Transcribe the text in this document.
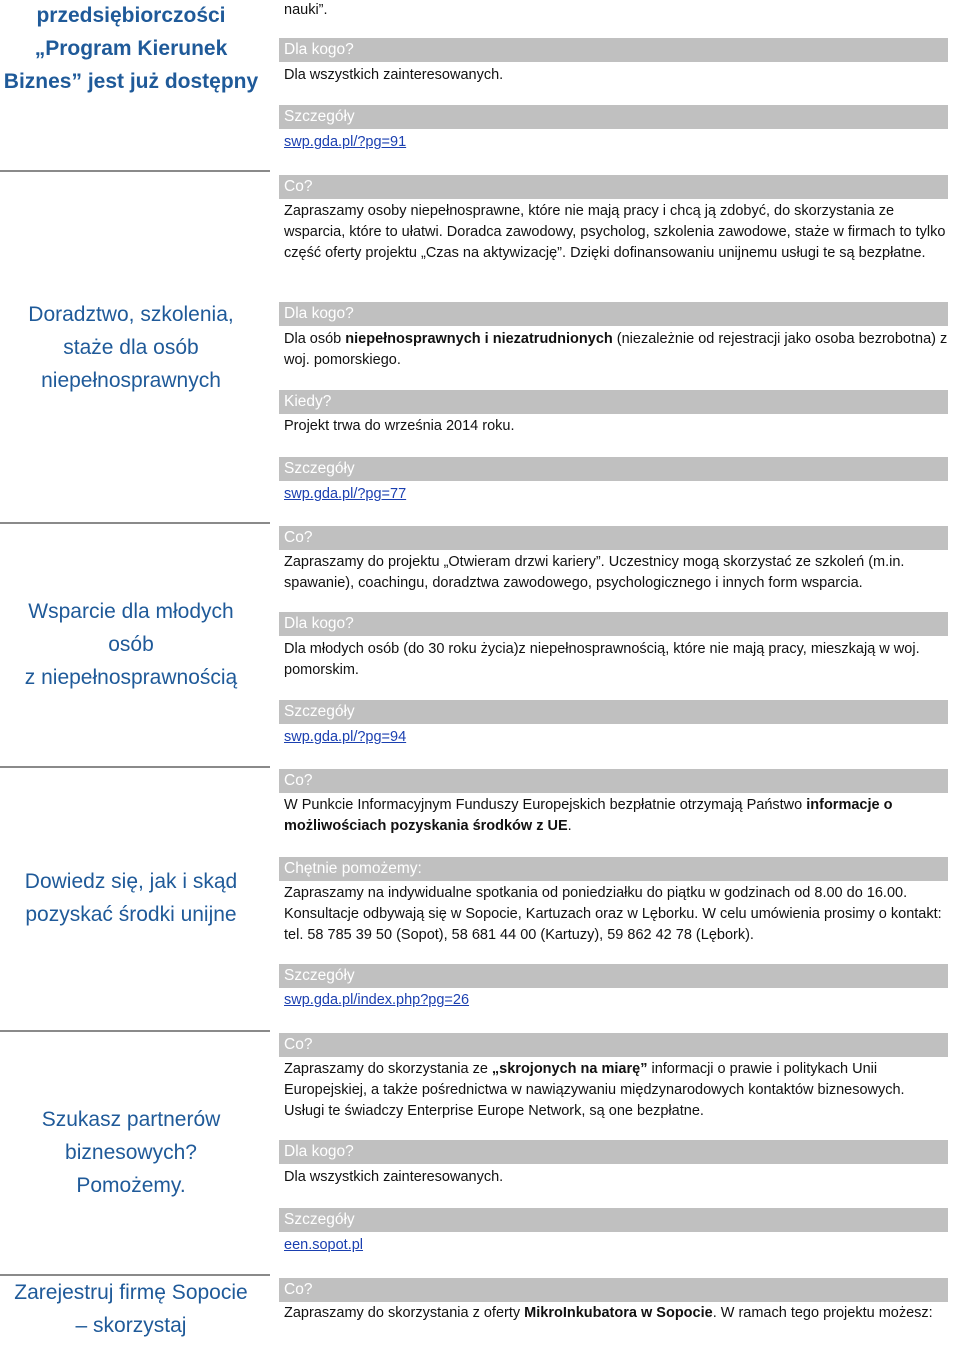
przedsiębiorczości
„Program Kierunek
Biznes” jest już dostępny
nauki”.
Dla kogo?
Dla wszystkich zainteresowanych.
Szczegóły
swp.gda.pl/?pg=91
Doradztwo, szkolenia,
staże dla osób
niepełnosprawnych
Co?
Zapraszamy osoby niepełnosprawne, które nie mają pracy i chcą ją zdobyć, do skorzystania ze wsparcia, które to ułatwi. Doradca zawodowy, psycholog, szkolenia zawodowe, staże w firmach to tylko część oferty projektu „Czas na aktywizację”. Dzięki dofinansowaniu unijnemu usługi te są bezpłatne.
Dla kogo?
Dla osób niepełnosprawnych i niezatrudnionych (niezależnie od rejestracji jako osoba bezrobotna) z woj. pomorskiego.
Kiedy?
Projekt trwa do września 2014 roku.
Szczegóły
swp.gda.pl/?pg=77
Wsparcie dla młodych
osób
z niepełnosprawnością
Co?
Zapraszamy do projektu „Otwieram drzwi kariery”. Uczestnicy mogą skorzystać ze szkoleń (m.in. spawanie), coachingu, doradztwa zawodowego, psychologicznego i innych form wsparcia.
Dla kogo?
Dla młodych osób (do 30 roku życia)z niepełnosprawnością, które nie mają pracy, mieszkają w woj. pomorskim.
Szczegóły
swp.gda.pl/?pg=94
Dowiedz się, jak i skąd
pozyskać środki unijne
Co?
W Punkcie Informacyjnym Funduszy Europejskich bezpłatnie otrzymają Państwo informacje o możliwościach pozyskania środków z UE.
Chętnie pomożemy:
Zapraszamy na indywidualne spotkania od poniedziałku do piątku w godzinach od 8.00 do 16.00. Konsultacje odbywają się w Sopocie, Kartuzach oraz w Lęborku. W celu umówienia prosimy o kontakt: tel. 58 785 39 50 (Sopot), 58 681 44 00 (Kartuzy), 59 862 42 78 (Lębork).
Szczegóły
swp.gda.pl/index.php?pg=26
Szukasz partnerów
biznesowych?
Pomożemy.
Co?
Zapraszamy do skorzystania ze „skrojonych na miarę” informacji o prawie i politykach Unii Europejskiej, a także pośrednictwa w nawiązywaniu międzynarodowych kontaktów biznesowych. Usługi te świadczy Enterprise Europe Network, są one bezpłatne.
Dla kogo?
Dla wszystkich zainteresowanych.
Szczegóły
een.sopot.pl
Zarejestruj firmę Sopocie
– skorzystaj
Co?
Zapraszamy do skorzystania z oferty MikroInkubatora w Sopocie. W ramach tego projektu możesz:
